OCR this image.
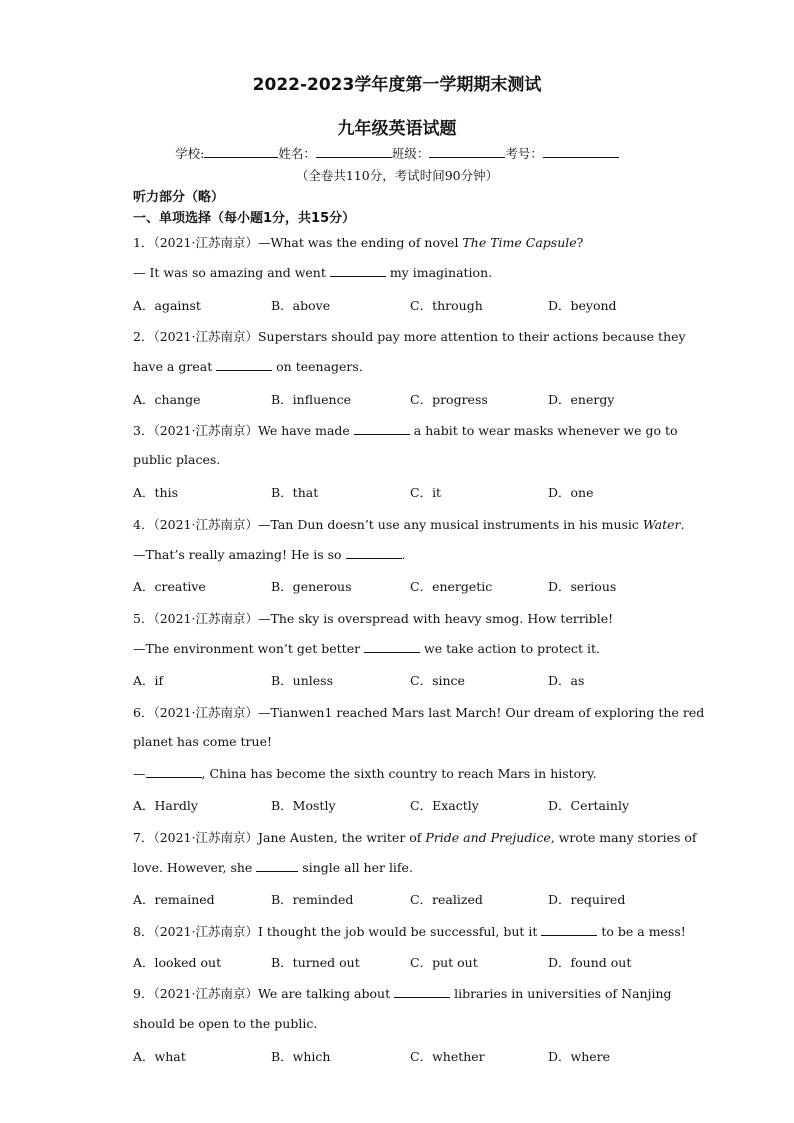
2022-2023学年度第一学期期末测试
九年级英语试题
学校:	姓名：	班级：	考号：
（全卷共110分，考试时间90分钟）
听力部分（略）
一、单项选择（每小题1分，共15分）
1．（2021·江苏南京）—What was the ending of novel The Time Capsule?
— It was so amazing and went	my imagination.
A．against	B．above	C．through	D．beyond
2．（2021·江苏南京）Superstars should pay more attention to their actions because they
have a great	on teenagers.
A．change	B．influence	C．progress	D．energy
3．（2021·江苏南京）We have made	a habit to wear masks whenever we go to
public places.
A．this	B．that	C．it	D．one
4．（2021·江苏南京）—Tan Dun doesn’t use any musical instruments in his music Water.
—That’s really amazing! He is so	.
A．creative	B．generous	C．energetic	D．serious
5．（2021·江苏南京）—The sky is overspread with heavy smog. How terrible!
—The environment won’t get better	we take action to protect it.
A．if	B．unless	C．since	D．as
6．（2021·江苏南京）—Tianwen1 reached Mars last March! Our dream of exploring the red
planet has come true!
—	, China has become the sixth country to reach Mars in history.
A．Hardly	B．Mostly	C．Exactly	D．Certainly
7．（2021·江苏南京）Jane Austen, the writer of Pride and Prejudice, wrote many stories of
love. However, she	single all her life.
A．remained	B．reminded	C．realized	D．required
8．（2021·江苏南京）I thought the job would be successful, but it	to be a mess!
A．looked out	B．turned out	C．put out	D．found out
9．（2021·江苏南京）We are talking about	libraries in universities of Nanjing
should be open to the public.
A．what	B．which	C．whether	D．where
